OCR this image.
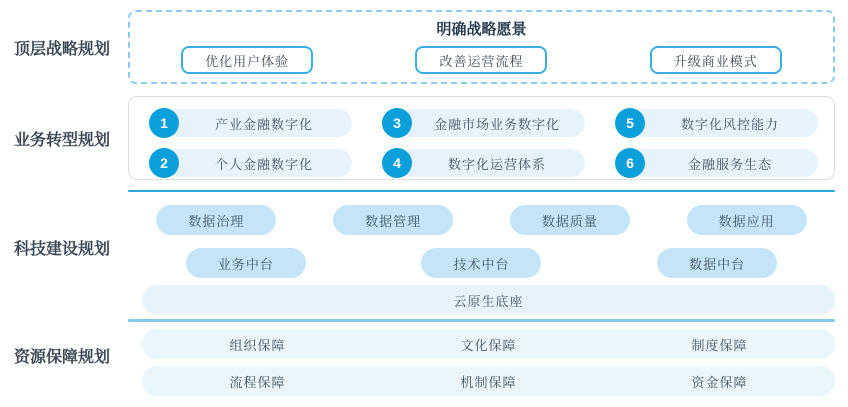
顶层战略规划
明确战略愿景
优化用户体验	改善运营流程	升级商业模式
业务转型规划
1	产业金融数字化
2	个人金融数字化
3	金融市场业务数字化
4	数字化运营体系
5	数字化风控能力
6	金融服务生态
科技建设规划
数据治理	数据管理	数据质量	数据应用
业务中台	技术中台	数据中台
云原生底座
资源保障规划
组织保障	文化保障	制度保障
流程保障	机制保障	资金保障
